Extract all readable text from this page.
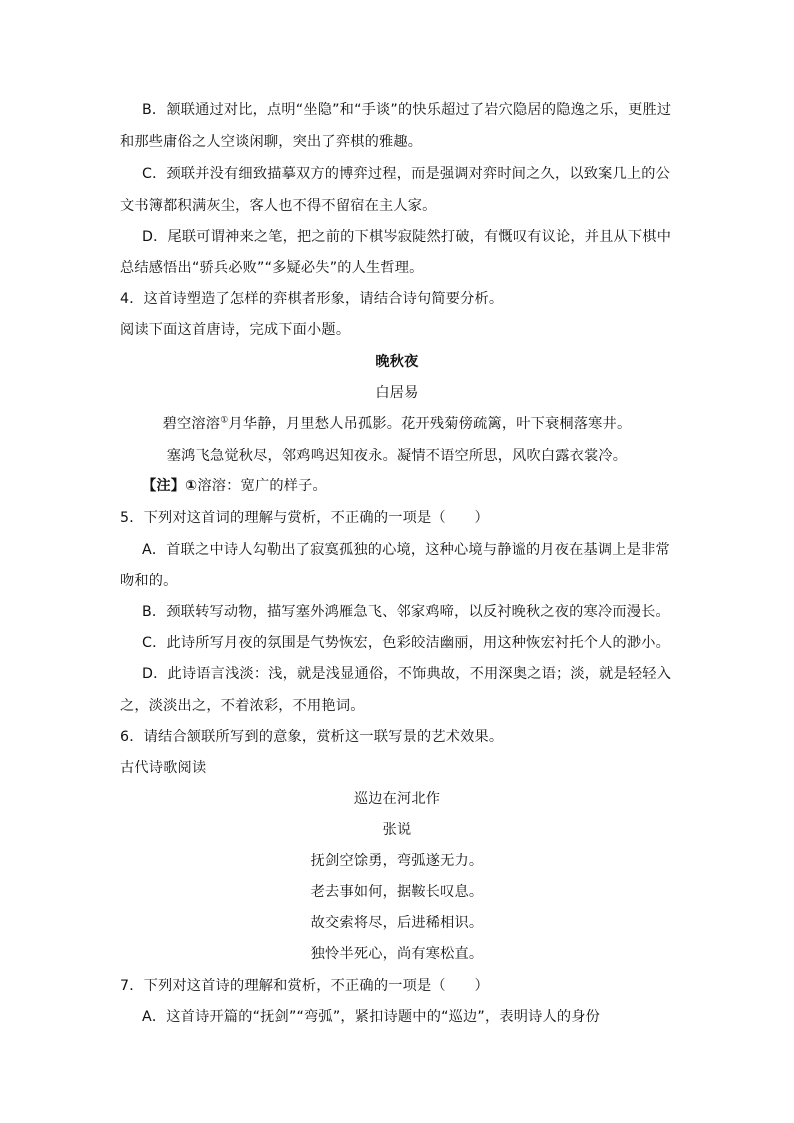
B．颔联通过对比，点明“坐隐”和“手谈”的快乐超过了岩穴隐居的隐逸之乐，更胜过

和那些庸俗之人空谈闲聊，突出了弈棋的雅趣。

C．颈联并没有细致描摹双方的博弈过程，而是强调对弈时间之久，以致案几上的公

文书簿都积满灰尘，客人也不得不留宿在主人家。

D．尾联可谓神来之笔，把之前的下棋岑寂陡然打破，有慨叹有议论，并且从下棋中

总结感悟出“骄兵必败”“多疑必失”的人生哲理。

4．这首诗塑造了怎样的弈棋者形象，请结合诗句简要分析。

阅读下面这首唐诗，完成下面小题。

晚秋夜

白居易

碧空溶溶①月华静，月里愁人吊孤影。花开残菊傍疏篱，叶下衰桐落寒井。

塞鸿飞急觉秋尽，邻鸡鸣迟知夜永。凝情不语空所思，风吹白露衣裳冷。

【注】①溶溶：宽广的样子。

5．下列对这首词的理解与赏析，不正确的一项是（　　）

A．首联之中诗人勾勒出了寂寞孤独的心境，这种心境与静谧的月夜在基调上是非常

吻和的。

B．颈联转写动物，描写塞外鸿雁急飞、邻家鸡啼，以反衬晚秋之夜的寒冷而漫长。

C．此诗所写月夜的氛围是气势恢宏，色彩皎洁幽丽，用这种恢宏衬托个人的渺小。

D．此诗语言浅淡：浅，就是浅显通俗，不饰典故，不用深奥之语；淡，就是轻轻入

之，淡淡出之，不着浓彩，不用艳词。

6．请结合颔联所写到的意象，赏析这一联写景的艺术效果。

古代诗歌阅读

巡边在河北作

张说

抚剑空馀勇，弯弧遂无力。

老去事如何，据鞍长叹息。

故交索将尽，后进稀相识。

独怜半死心，尚有寒松直。

7．下列对这首诗的理解和赏析，不正确的一项是（　　）

A．这首诗开篇的“抚剑”“弯弧”，紧扣诗题中的“巡边”，表明诗人的身份
